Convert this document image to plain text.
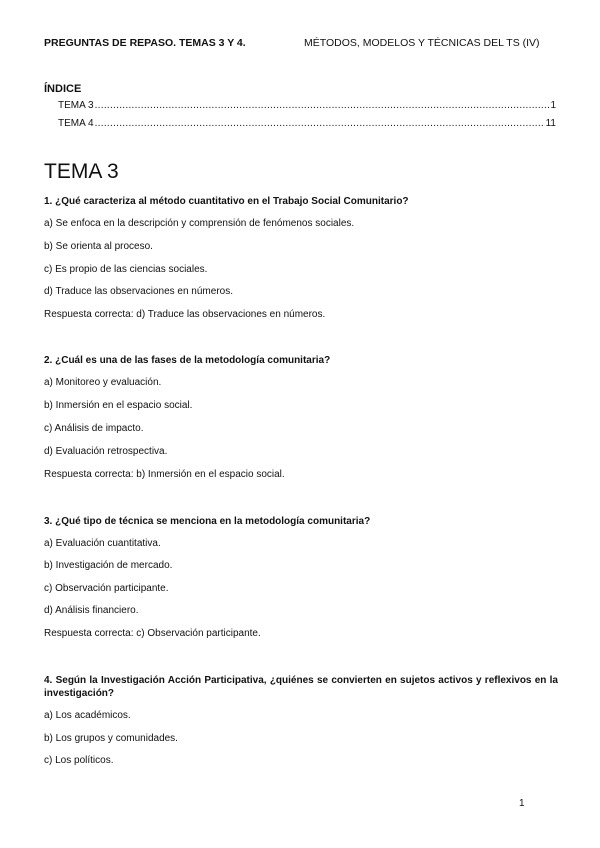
PREGUNTAS DE REPASO. TEMAS 3 Y 4.	MÉTODOS, MODELOS Y TÉCNICAS DEL TS (IV)
ÍNDICE
TEMA 3 .....	1
TEMA 4 .....	11
TEMA 3
1. ¿Qué caracteriza al método cuantitativo en el Trabajo Social Comunitario?
a) Se enfoca en la descripción y comprensión de fenómenos sociales.
b) Se orienta al proceso.
c) Es propio de las ciencias sociales.
d) Traduce las observaciones en números.
Respuesta correcta: d) Traduce las observaciones en números.
2. ¿Cuál es una de las fases de la metodología comunitaria?
a) Monitoreo y evaluación.
b) Inmersión en el espacio social.
c) Análisis de impacto.
d) Evaluación retrospectiva.
Respuesta correcta: b) Inmersión en el espacio social.
3. ¿Qué tipo de técnica se menciona en la metodología comunitaria?
a) Evaluación cuantitativa.
b) Investigación de mercado.
c) Observación participante.
d) Análisis financiero.
Respuesta correcta: c) Observación participante.
4. Según la Investigación Acción Participativa, ¿quiénes se convierten en sujetos activos y reflexivos en la investigación?
a) Los académicos.
b) Los grupos y comunidades.
c) Los políticos.
1
